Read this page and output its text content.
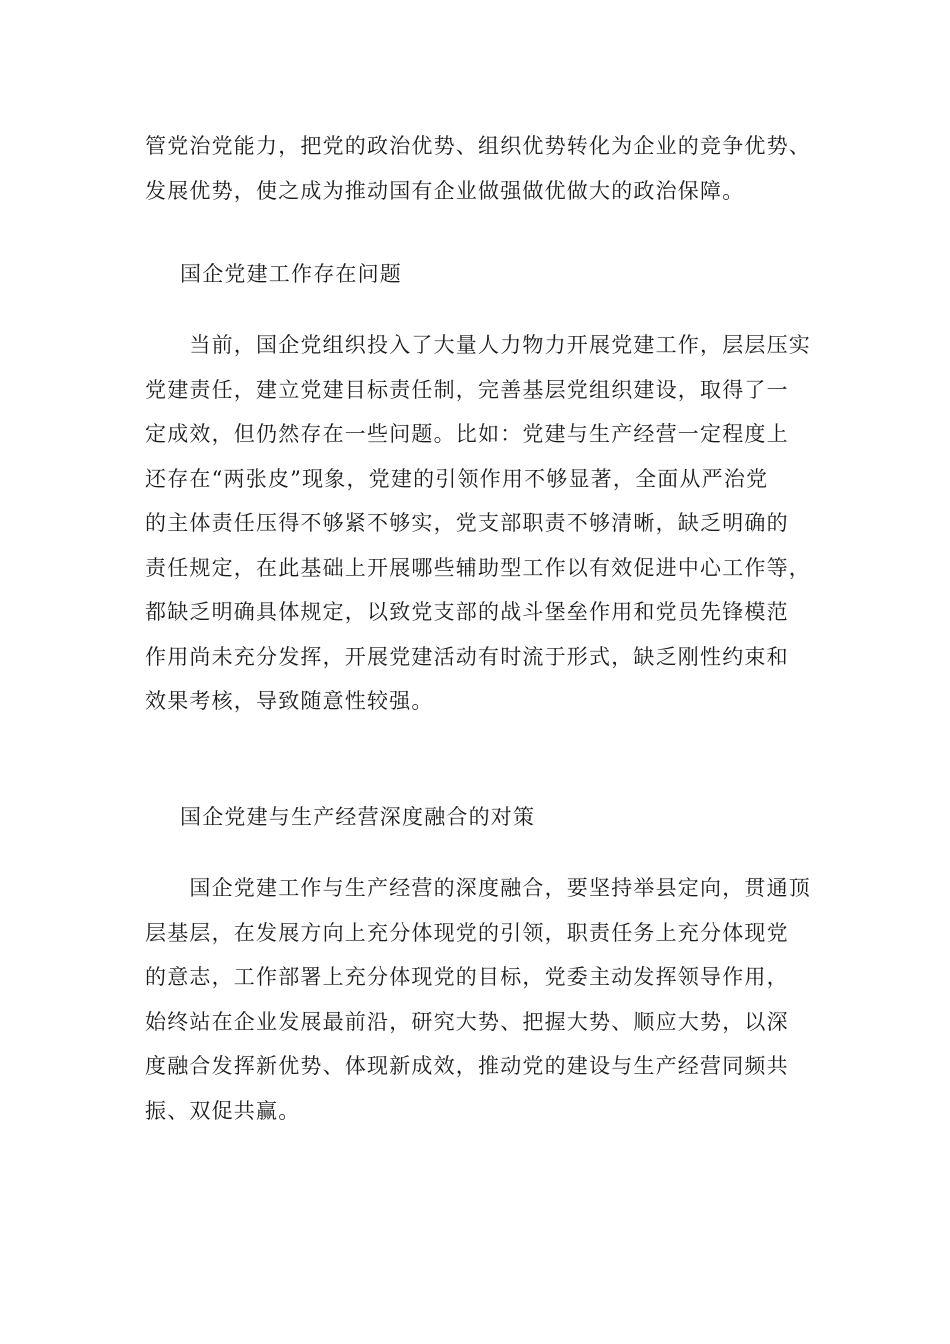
管党治党能力，把党的政治优势、组织优势转化为企业的竞争优势、
发展优势，使之成为推动国有企业做强做优做大的政治保障。

国企党建工作存在问题

　　当前，国企党组织投入了大量人力物力开展党建工作，层层压实
党建责任，建立党建目标责任制，完善基层党组织建设，取得了一
定成效，但仍然存在一些问题。比如：党建与生产经营一定程度上
还存在“两张皮”现象，党建的引领作用不够显著，全面从严治党
的主体责任压得不够紧不够实，党支部职责不够清晰，缺乏明确的
责任规定，在此基础上开展哪些辅助型工作以有效促进中心工作等，
都缺乏明确具体规定，以致党支部的战斗堡垒作用和党员先锋模范
作用尚未充分发挥，开展党建活动有时流于形式，缺乏刚性约束和
效果考核，导致随意性较强。

国企党建与生产经营深度融合的对策

　　国企党建工作与生产经营的深度融合，要坚持举县定向，贯通顶
层基层，在发展方向上充分体现党的引领，职责任务上充分体现党
的意志，工作部署上充分体现党的目标，党委主动发挥领导作用，
始终站在企业发展最前沿，研究大势、把握大势、顺应大势，以深
度融合发挥新优势、体现新成效，推动党的建设与生产经营同频共
振、双促共赢。
